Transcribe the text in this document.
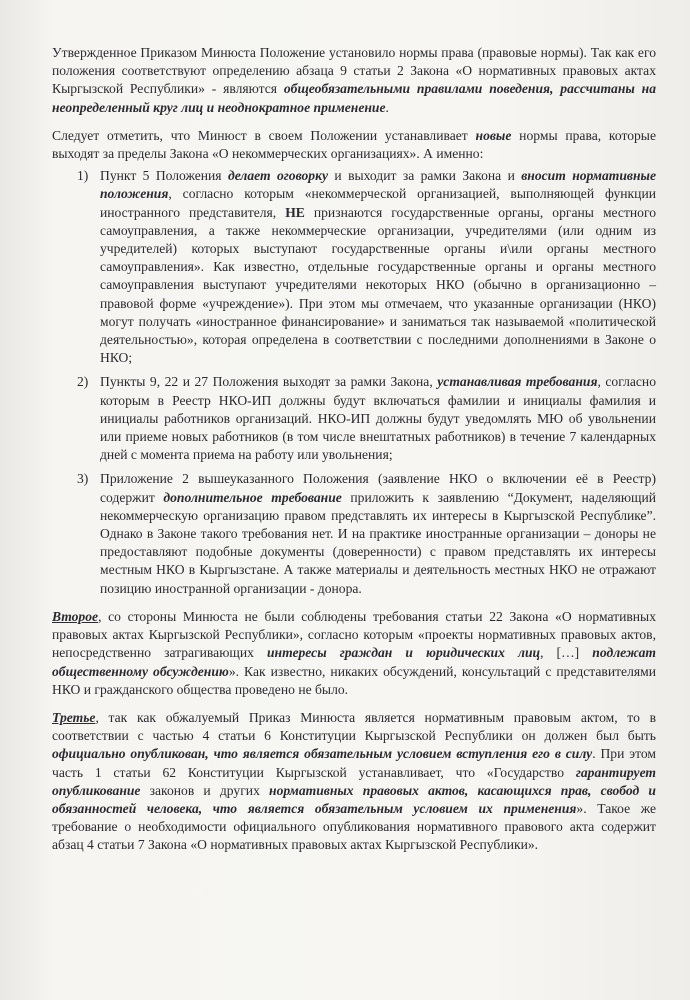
Утвержденное Приказом Минюста Положение установило нормы права (правовые нормы). Так как его положения соответствуют определению абзаца 9 статьи 2 Закона «О нормативных правовых актах Кыргызской Республики» - являются общеобязательными правилами поведения, рассчитаны на неопределенный круг лиц и неоднократное применение.

Следует отметить, что Минюст в своем Положении устанавливает новые нормы права, которые выходят за пределы Закона «О некоммерческих организациях». А именно:

1) Пункт 5 Положения делает оговорку и выходит за рамки Закона и вносит нормативные положения, согласно которым «некоммерческой организацией, выполняющей функции иностранного представителя, НЕ признаются государственные органы, органы местного самоуправления, а также некоммерческие организации, учредителями (или одним из учредителей) которых выступают государственные органы и\или органы местного самоуправления». Как известно, отдельные государственные органы и органы местного самоуправления выступают учредителями некоторых НКО (обычно в организационно – правовой форме «учреждение»). При этом мы отмечаем, что указанные организации (НКО) могут получать «иностранное финансирование» и заниматься так называемой «политической деятельностью», которая определена в соответствии с последними дополнениями в Законе о НКО;
2) Пункты 9, 22 и 27 Положения выходят за рамки Закона, устанавливая требования, согласно которым в Реестр НКО-ИП должны будут включаться фамилии и инициалы фамилия и инициалы работников организаций. НКО-ИП должны будут уведомлять МЮ об увольнении или приеме новых работников (в том числе внештатных работников) в течение 7 календарных дней с момента приема на работу или увольнения;
3) Приложение 2 вышеуказанного Положения (заявление НКО о включении её в Реестр) содержит дополнительное требование приложить к заявлению “Документ, наделяющий некоммерческую организацию правом представлять их интересы в Кыргызской Республике”. Однако в Законе такого требования нет. И на практике иностранные организации – доноры не предоставляют подобные документы (доверенности) с правом представлять их интересы местным НКО в Кыргызстане. А также материалы и деятельность местных НКО не отражают позицию иностранной организации - донора.

Второе, со стороны Минюста не были соблюдены требования статьи 22 Закона «О нормативных правовых актах Кыргызской Республики», согласно которым «проекты нормативных правовых актов, непосредственно затрагивающих интересы граждан и юридических лиц, […] подлежат общественному обсуждению». Как известно, никаких обсуждений, консультаций с представителями НКО и гражданского общества проведено не было.

Третье, так как обжалуемый Приказ Минюста является нормативным правовым актом, то в соответствии с частью 4 статьи 6 Конституции Кыргызской Республики он должен был быть официально опубликован, что является обязательным условием вступления его в силу. При этом часть 1 статьи 62 Конституции Кыргызской устанавливает, что «Государство гарантирует опубликование законов и других нормативных правовых актов, касающихся прав, свобод и обязанностей человека, что является обязательным условием их применения». Такое же требование о необходимости официального опубликования нормативного правового акта содержит абзац 4 статьи 7 Закона «О нормативных правовых актах Кыргызской Республики».
